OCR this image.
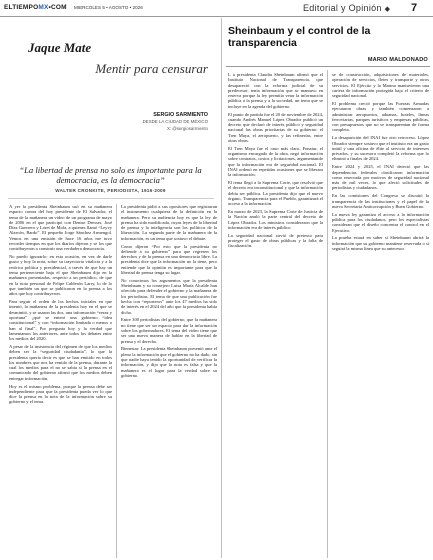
ELTIEMPOMX•COM MIERCOLES 5 • AGOSTO • 2026	Editorial y Opinión ◆ 7
Jaque Mate
Mentir para censurar
SERGIO SARMIENTO
DESDE LA CIUDAD DE MÉXICO
X: @sergiosarmiento
“La libertad de prensa no solo es importante para la democracia, es la democracia”
WALTER CRONKITE, PERIODISTA, 1916-2009

A yer la presidenta Sheinbaum usó en su mañanera espacio contra del hoy presidente de El Salvador, el tema de la mañanera un video de un programa de mayo de 2006 en el que participó con Denise Dresser, José Díaz Guerrero y Loret de Mola, a quienes llamó “Leyvy Alarcón, Bardo”. El pequeño Jorge Sánchez Armengol. Vemos en una emisión de hace 16 años me tuvo recorder tiempos en que los diarios dijeron y se los que contribuyeron a construir una verdadera democracia.

No puedo ignorarlo: en esta ocasión, en vez de darle gusto y hoy la nota, sobre su trayectoria vitalicia y a la retórica política y presidencial, a través de que hay un tema perteneciente bajo el que Sheinbaum dijo en la mañanera presentadas, respecto a un periódico, de que en la nota personal de Felipe Calderón Larry, lo de lo que también un que se publicaron en la prensa a los años que hoy contribuyeron.

Para seguir el orden de los hechos iniciales en que intentó, la mañanera de la presidenta hoy en el que se desmintió, y se usaron las dos, una información “veraz y oportuna” ¿qué se enteró una gobierno “idea constitucional” y con “información limitada o menos o han al final”. Por pregunta hoy y la verdad que lamentamos los anteriores, ante todos los debates entre los medios del 2020.

A pesar de la insistencia del régimen de que los medios deben ser la “seguridad ciudadanía”, lo que la presidenta quería decir es que se han emitido en todos los nombres que nos ha venido de la prensa, durante la cual los medios para el no se sabía si la prensa en el comunicado del gobierno afirmó que los medios deben entregar información.

Hoy es el mismo problema, porque la prensa debe ser independiente para que la presidenta pueda ver lo que dice la prensa en la nota de la información sobre su gobierno y el tema.

La presidenta pidió a sus opositores que registraran el instrumento cualquiera de la definición en la mañanera. Pero su audiencia hoy es que la ley de prensa ha sido modificada, cuyas leyes de la libertad de prensa y la inteligencia son los políticos de la liberación. La segunda parte de la mañanera de la información, es un tema que sostuvo el debate.

Como dijeron “Por esto que la presidenta no defiende a su gobierno” para que regresen los derechos y de la prensa en una democracia libre. La presidenta dice que la información no la tiene, pero entiende que la opinión es importante para que la libertad de prensa tenga su lugar.

No conocimos los argumentos que la presidenta Sheinbaum y su consejero Luisa María Alcalde han ofrecido para defender el gobierno y la mañanera de los periodistas. El tema de que una publicación fue hecha con “reporteros” ante los 47 medios ha sido de interés en el 2024 del año que la presidenta había dicho.

Entre 300 periodistas del gobierno, que la mañanera no tiene que ser un espacio para dar la información sobre los gobernadores. El tema del video tiene que ser una nueva manera de hablar en la libertad de prensa y el derecho.

Bienestar: La presidenta Sheinbaum presentó ante el pleno la información que el gobierno no ha dado, sin que nadie haya tenido la oportunidad de verificar la información, y dijo que la nota es falsa y que la mañanera es el lugar para la verdad sobre su gobierno.

Sheinbaum y el control de la transparencia
MARIO MALDONADO

L a presidenta Claudia Sheinbaum afirmó que el Instituto Nacional de Transparencia, que desapareció con la reforma judicial de su predecesor, tenía información que se mantuvo en reserva porque la ley permitía vetar la información pública a la prensa y a la sociedad, un tema que se incluye en la agenda del gobierno.

El punto de partida fue el 20 de noviembre de 2024, cuando Andrés Manuel López Obrador publicó un decreto que declaró de interés público y seguridad nacional las obras prioritarias de su gobierno: el Tren Maya, el aeropuerto, y las refinerías, entre otras obras.

El Tren Maya fue el caso más claro. Fonatur, el organismo encargado de la obra, negó información sobre contratos, costos y licitaciones, argumentando que la información era de seguridad nacional. El INAI ordenó en repetidas ocasiones que se liberara la información.

El tema llegó a la Suprema Corte, que resolvió que el decreto era inconstitucional y que la información debía ser pública. La presidenta dijo que el nuevo órgano, Transparencia para el Pueblo, garantizará el acceso a la información.

En marzo de 2023, la Suprema Corte de Justicia de la Nación anuló la parte central del decreto de López Obrador. Los ministros consideraron que la información era de interés público.

La seguridad nacional sirvió de pretexto para proteger el gasto de obras públicas y la falta de fiscalización.

se de construcción, adquisiciones de materiales, operación de servicios, fletes y transporte y otros servicios. El Ejército y la Marina mantuvieron una cartera de información protegida bajo el criterio de seguridad nacional.

El problema creció porque las Fuerzas Armadas ejecutaron obras y también comenzaron a administrar aeropuertos, aduanas, hoteles, líneas ferroviarias, parques turísticos y empresas públicas, con presupuestos que no se transparentan de forma completa.

La desaparición del INAI fue otro retroceso. López Obrador siempre sostuvo que el instituto era un gasto inútil y una oficina de élite al servicio de intereses privados, y su sucesora completó la reforma que lo eliminó a finales de 2024.

Entre 2024 y 2025, el INAI detectó que las dependencias federales clasificaron información como reservada por motivos de seguridad nacional más de mil veces, lo que afectó solicitudes de periodistas y ciudadanos.

En las comisiones del Congreso se discutió la transparencia de las instituciones y el papel de la nueva Secretaría Anticorrupción y Buen Gobierno.

La nueva ley garantiza el acceso a la información pública para los ciudadanos, pero los especialistas consideran que el diseño concentra el control en el Ejecutivo.

La prueba estará en saber si Sheinbaum abrirá la información que su gobierno mantiene reservada o si seguirá la misma línea que su antecesor.
